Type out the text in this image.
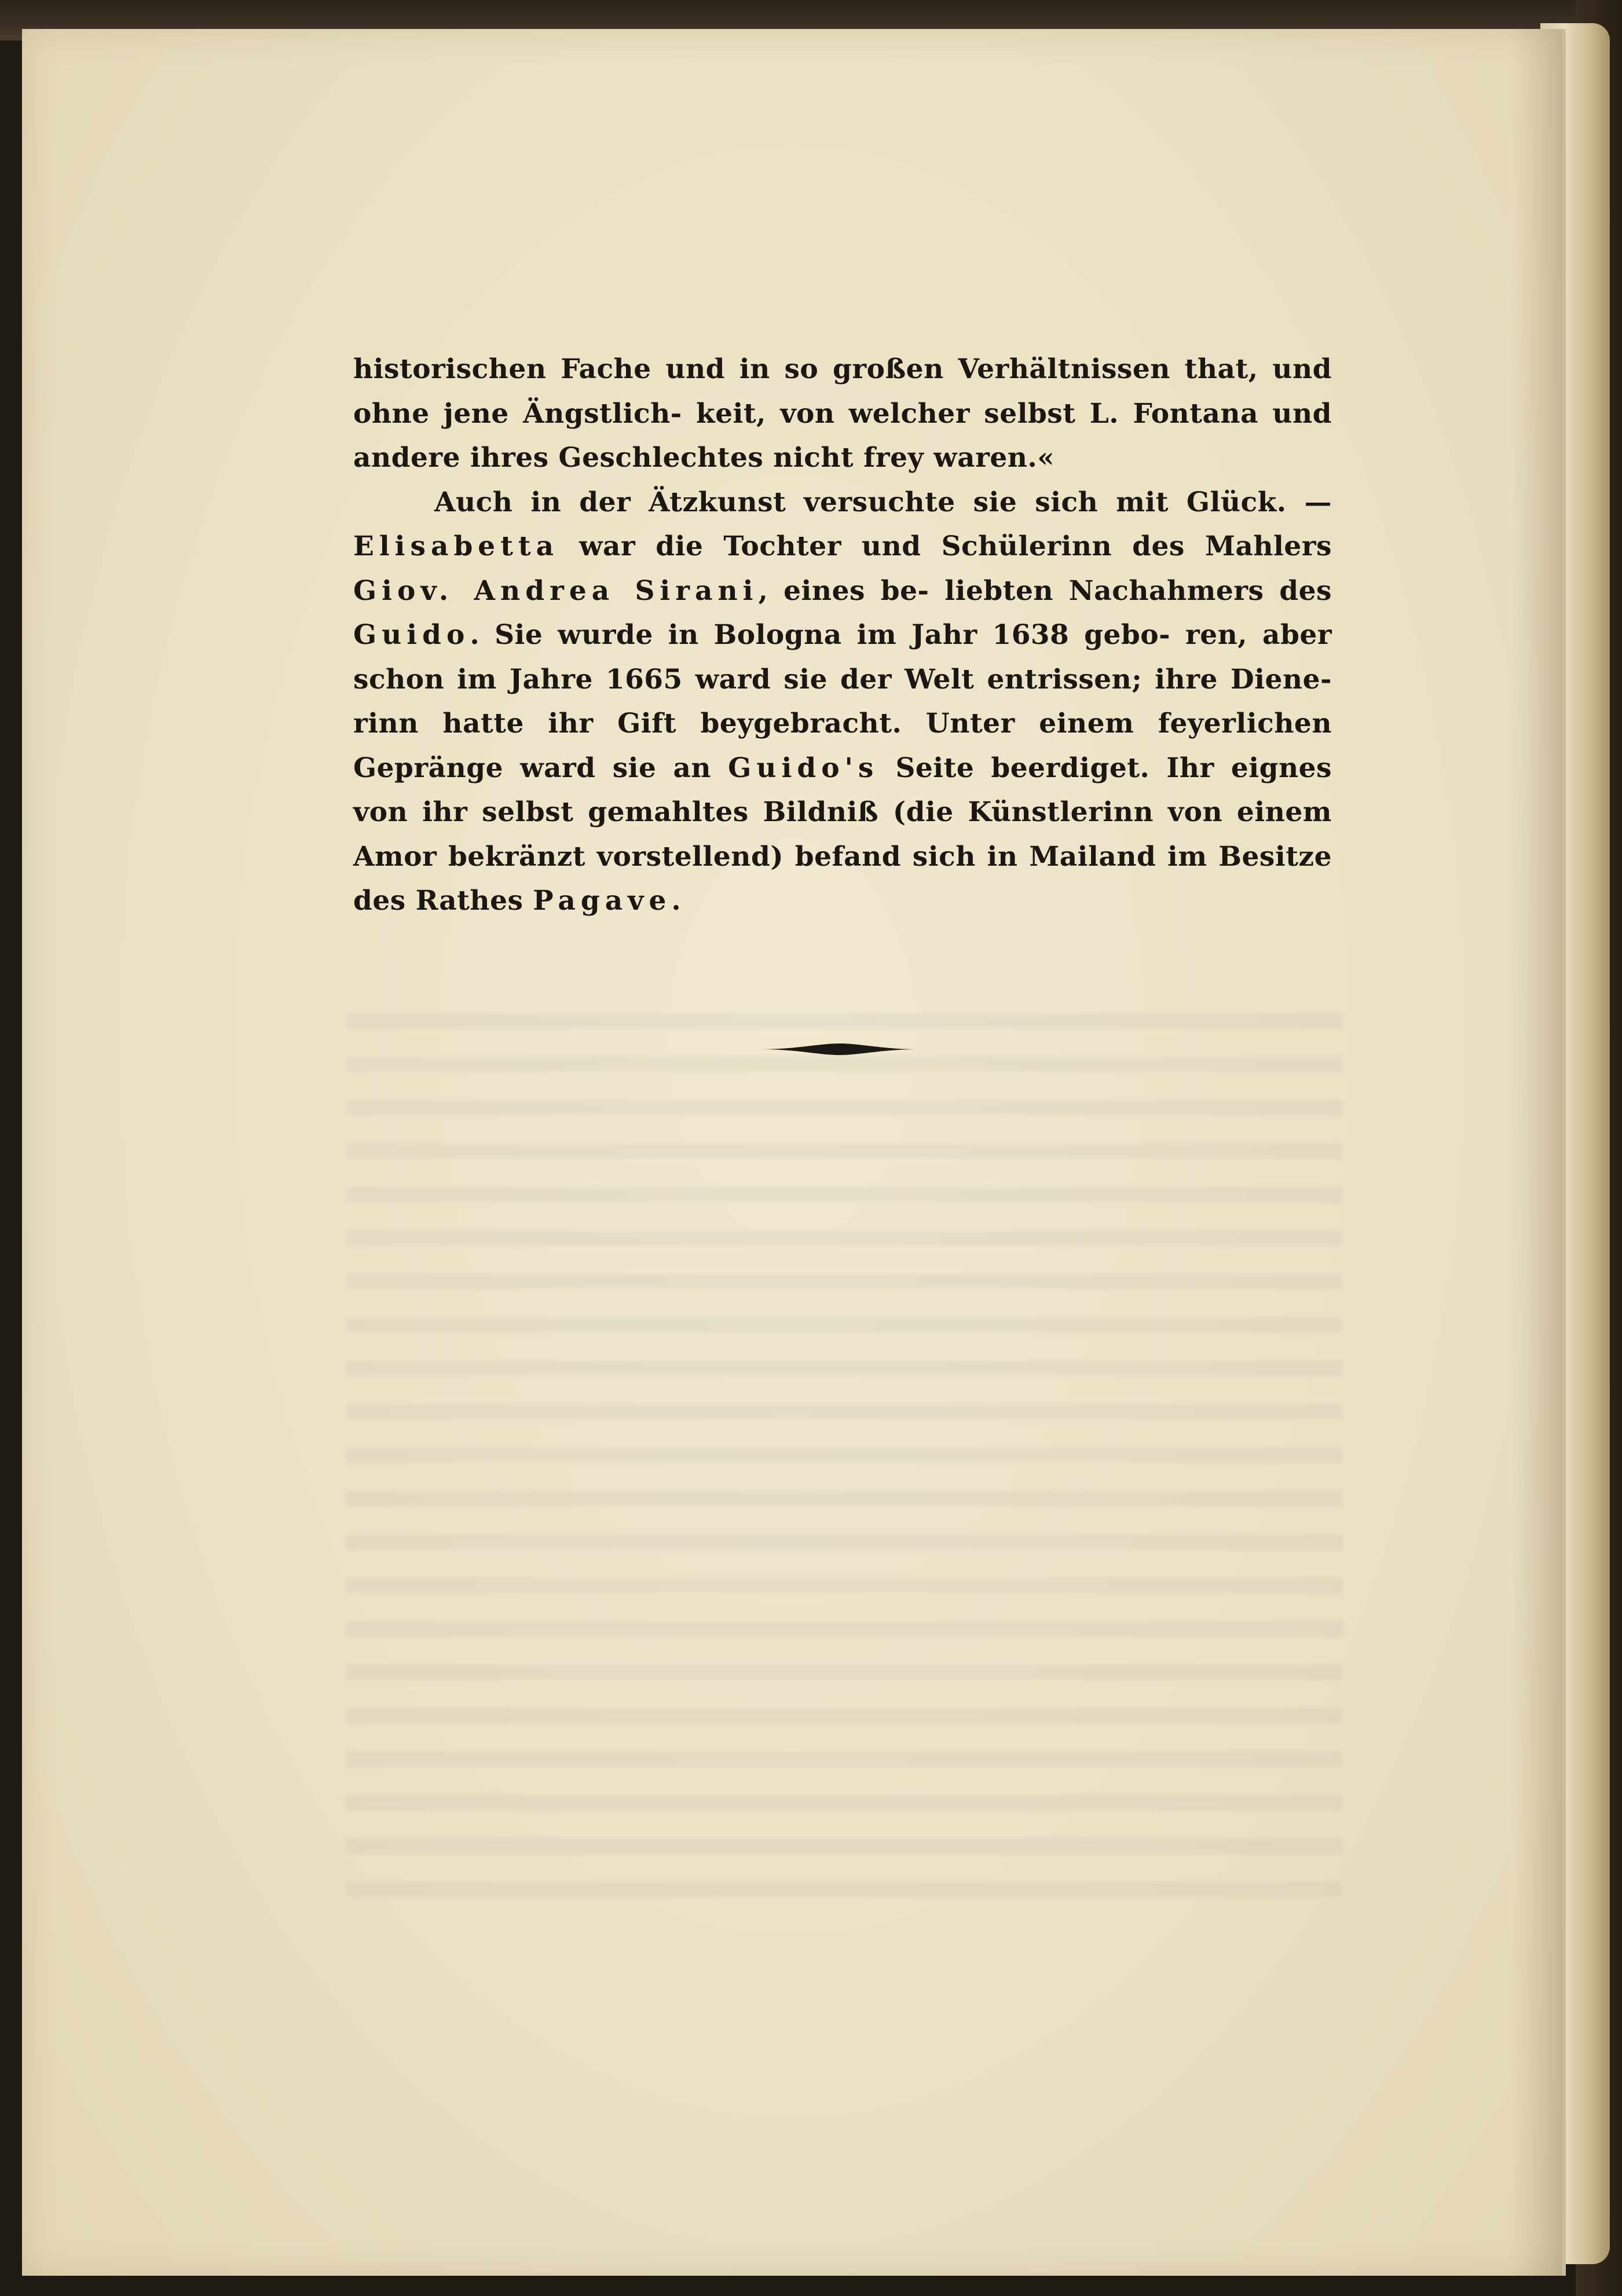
historischen Fache und in so großen Verhältnissen that, und ohne jene Ängstlich- keit, von welcher selbst L. Fontana und andere ihres Geschlechtes nicht frey waren.«

Auch in der Ätzkunst versuchte sie sich mit Glück. — Elisabetta war die Tochter und Schülerinn des Mahlers Giov. Andrea Sirani, eines be- liebten Nachahmers des Guido. Sie wurde in Bologna im Jahr 1638 gebo- ren, aber schon im Jahre 1665 ward sie der Welt entrissen; ihre Diene- rinn hatte ihr Gift beygebracht. Unter einem feyerlichen Gepränge ward sie an Guido's Seite beerdiget. Ihr eignes von ihr selbst gemahltes Bildniß (die Künstlerinn von einem Amor bekränzt vorstellend) befand sich in Mailand im Besitze des Rathes Pagave.
